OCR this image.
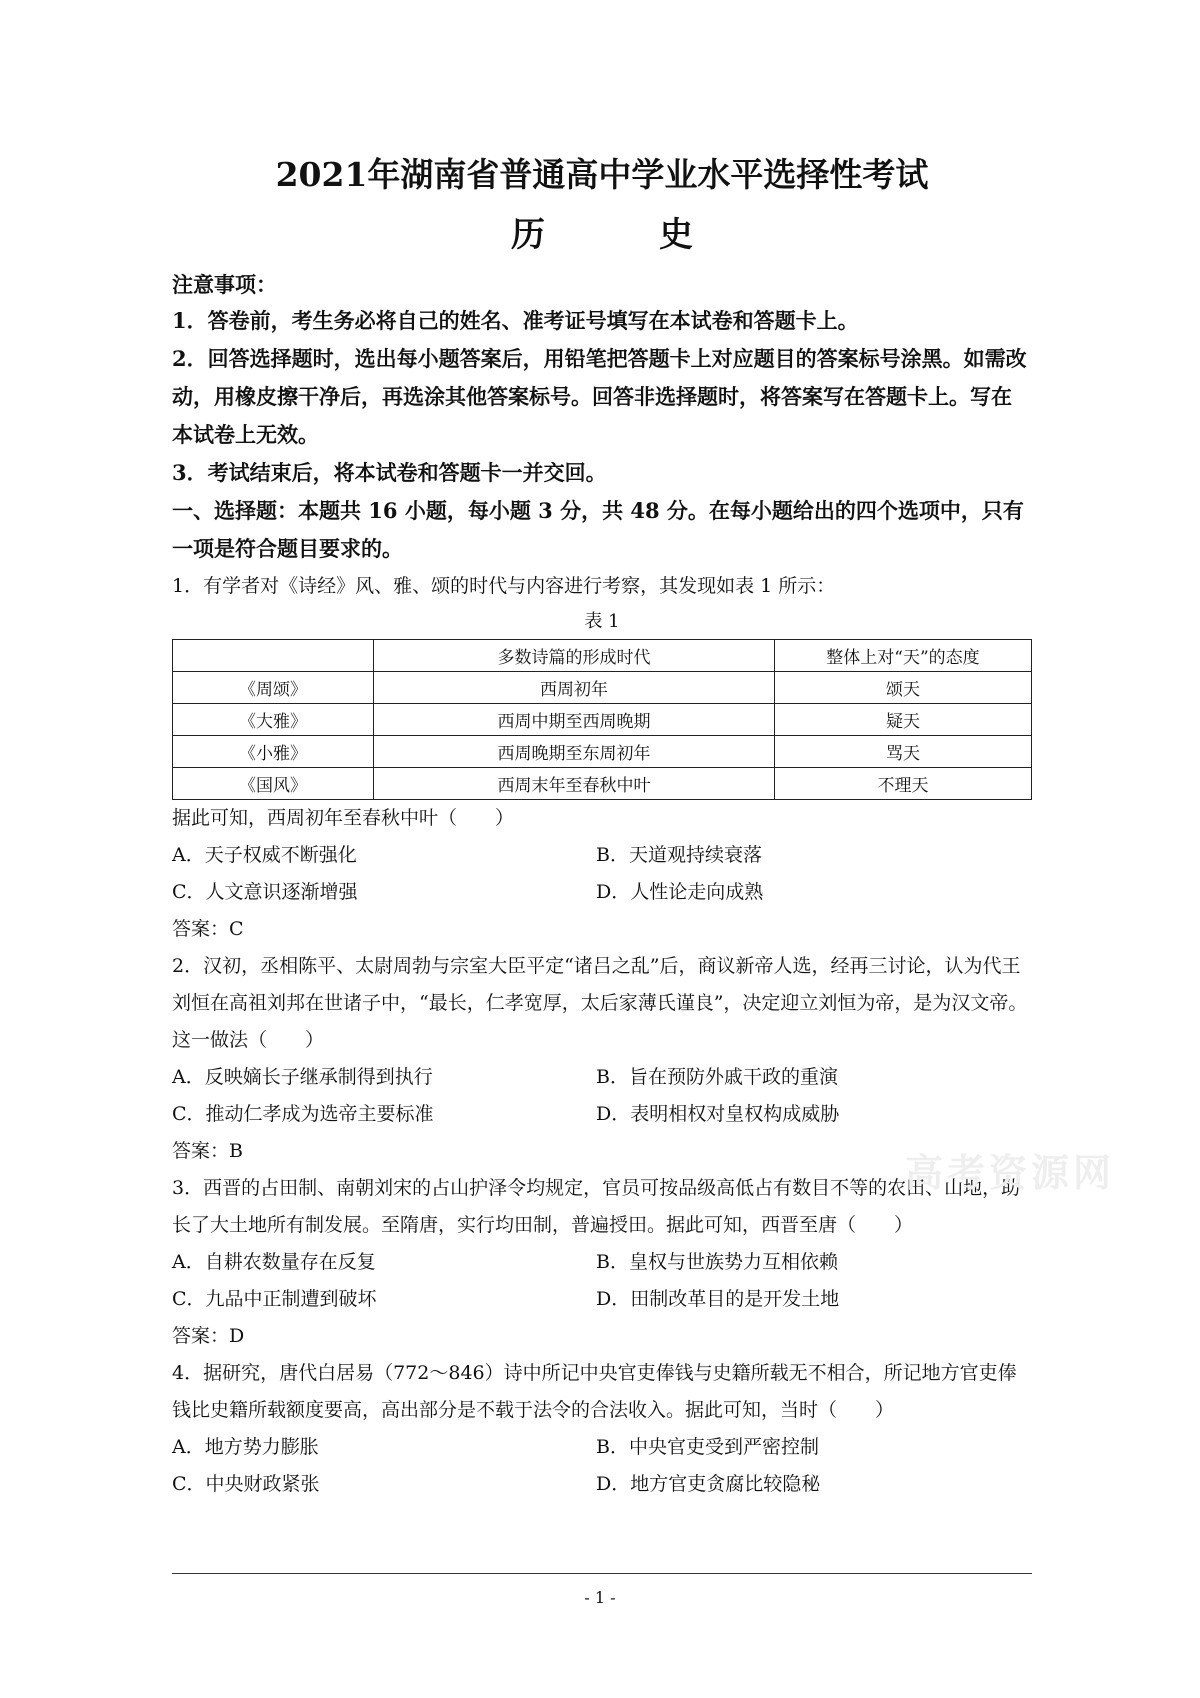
2021年湖南省普通高中学业水平选择性考试
历　史
注意事项：

1．答卷前，考生务必将自己的姓名、准考证号填写在本试卷和答题卡上。

2．回答选择题时，选出每小题答案后，用铅笔把答题卡上对应题目的答案标号涂黑。如需改动，用橡皮擦干净后，再选涂其他答案标号。回答非选择题时，将答案写在答题卡上。写在本试卷上无效。

3．考试结束后，将本试卷和答题卡一并交回。

一、选择题：本题共 16 小题，每小题 3 分，共 48 分。在每小题给出的四个选项中，只有一项是符合题目要求的。

1．有学者对《诗经》风、雅、颂的时代与内容进行考察，其发现如表 1 所示：

表 1
	多数诗篇的形成时代	整体上对“天”的态度
《周颂》	西周初年	颂天
《大雅》	西周中期至西周晚期	疑天
《小雅》	西周晚期至东周初年	骂天
《国风》	西周末年至春秋中叶	不理天

据此可知，西周初年至春秋中叶（　　）

A．天子权威不断强化	B．天道观持续衰落
C．人文意识逐渐增强	D．人性论走向成熟
答案：C

2．汉初，丞相陈平、太尉周勃与宗室大臣平定“诸吕之乱”后，商议新帝人选，经再三讨论，认为代王刘恒在高祖刘邦在世诸子中，“最长，仁孝宽厚，太后家薄氏谨良”，决定迎立刘恒为帝，是为汉文帝。这一做法（　　）

A．反映嫡长子继承制得到执行	B．旨在预防外戚干政的重演
C．推动仁孝成为选帝主要标准	D．表明相权对皇权构成威胁
答案：B

3．西晋的占田制、南朝刘宋的占山护泽令均规定，官员可按品级高低占有数目不等的农田、山地，助长了大土地所有制发展。至隋唐，实行均田制，普遍授田。据此可知，西晋至唐（　　）

A．自耕农数量存在反复	B．皇权与世族势力互相依赖
C．九品中正制遭到破坏	D．田制改革目的是开发土地
答案：D

4．据研究，唐代白居易（772～846）诗中所记中央官吏俸钱与史籍所载无不相合，所记地方官吏俸钱比史籍所载额度要高，高出部分是不载于法令的合法收入。据此可知，当时（　　）

A．地方势力膨胀	B．中央官吏受到严密控制
C．中央财政紧张	D．地方官吏贪腐比较隐秘
高考资源网
- 1 -
